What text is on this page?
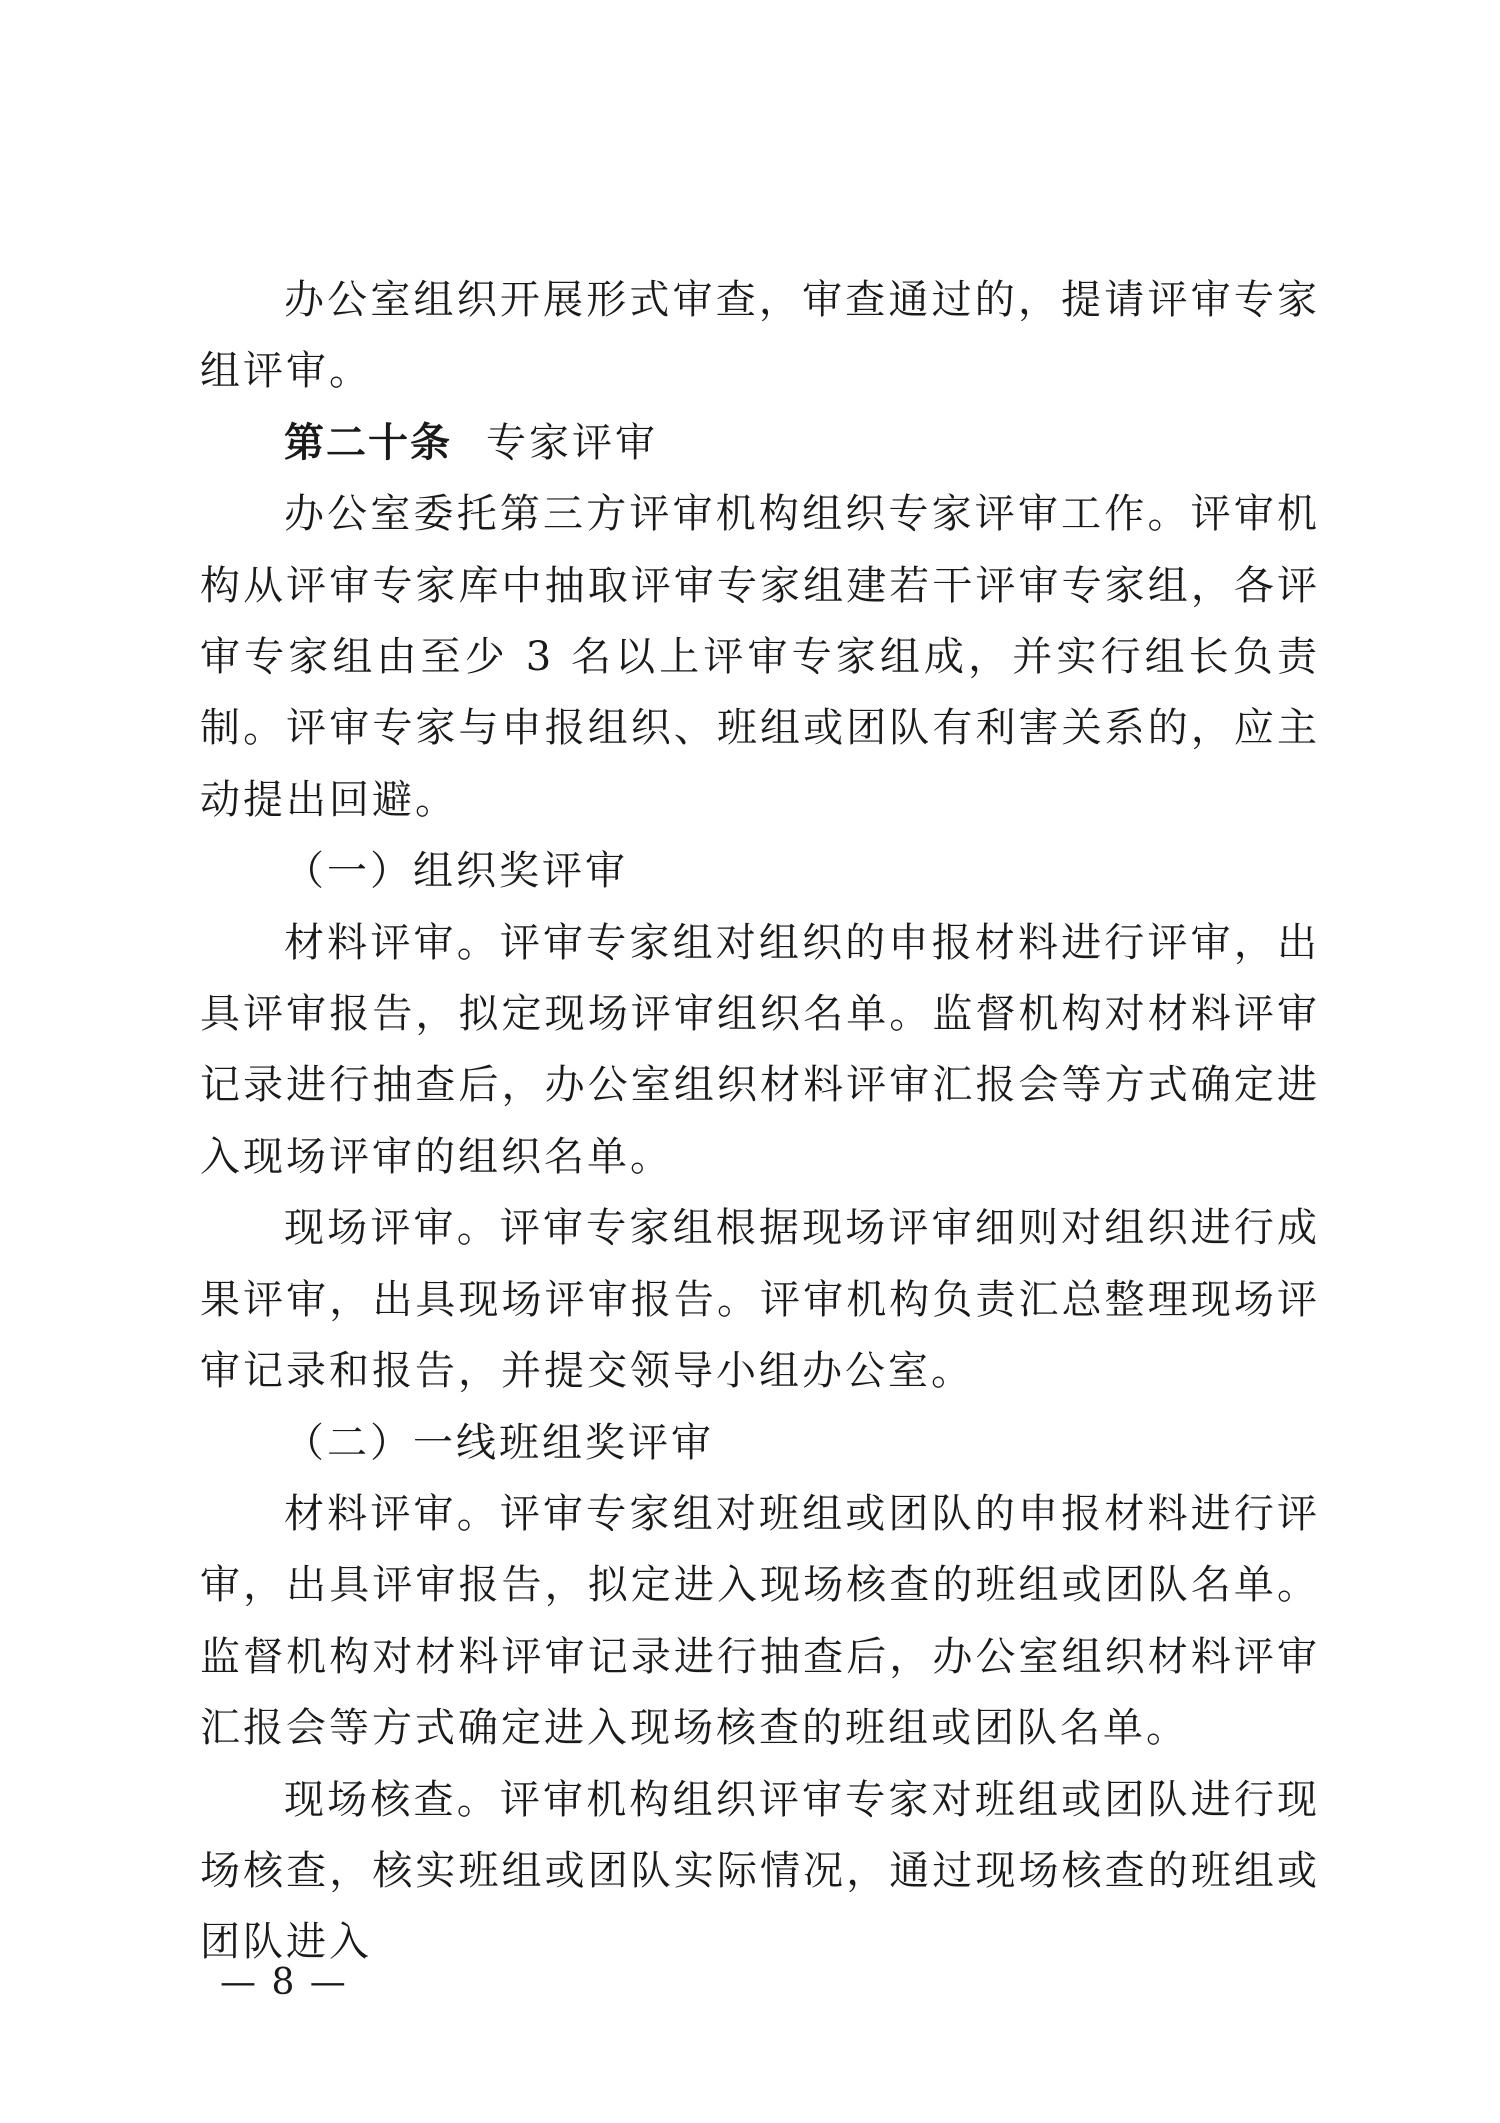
办公室组织开展形式审查，审查通过的，提请评审专家组评审。

第二十条 专家评审

办公室委托第三方评审机构组织专家评审工作。评审机构从评审专家库中抽取评审专家组建若干评审专家组，各评审专家组由至少 3 名以上评审专家组成，并实行组长负责制。评审专家与申报组织、班组或团队有利害关系的，应主动提出回避。

（一）组织奖评审

材料评审。评审专家组对组织的申报材料进行评审，出具评审报告，拟定现场评审组织名单。监督机构对材料评审记录进行抽查后，办公室组织材料评审汇报会等方式确定进入现场评审的组织名单。

现场评审。评审专家组根据现场评审细则对组织进行成果评审，出具现场评审报告。评审机构负责汇总整理现场评审记录和报告，并提交领导小组办公室。

（二）一线班组奖评审

材料评审。评审专家组对班组或团队的申报材料进行评审，出具评审报告，拟定进入现场核查的班组或团队名单。监督机构对材料评审记录进行抽查后，办公室组织材料评审汇报会等方式确定进入现场核查的班组或团队名单。

现场核查。评审机构组织评审专家对班组或团队进行现场核查，核实班组或团队实际情况，通过现场核查的班组或团队进入

— 8 —
